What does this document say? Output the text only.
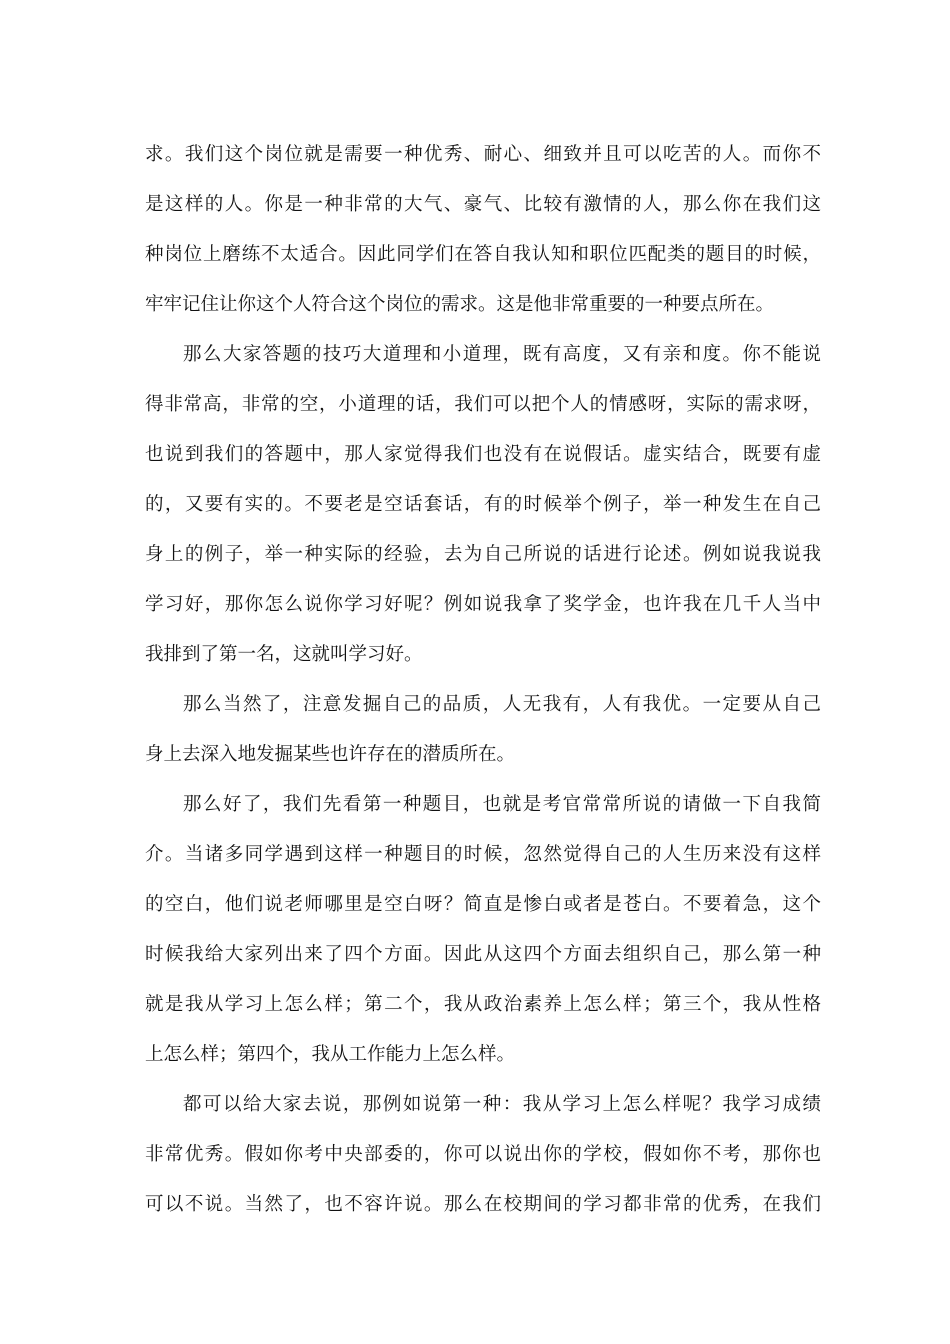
求。我们这个岗位就是需要一种优秀、耐心、细致并且可以吃苦的人。而你不
是这样的人。你是一种非常的大气、豪气、比较有激情的人，那么你在我们这
种岗位上磨练不太适合。因此同学们在答自我认知和职位匹配类的题目的时候，
牢牢记住让你这个人符合这个岗位的需求。这是他非常重要的一种要点所在。
那么大家答题的技巧大道理和小道理，既有高度，又有亲和度。你不能说
得非常高，非常的空，小道理的话，我们可以把个人的情感呀，实际的需求呀，
也说到我们的答题中，那人家觉得我们也没有在说假话。虚实结合，既要有虚
的，又要有实的。不要老是空话套话，有的时候举个例子，举一种发生在自己
身上的例子，举一种实际的经验，去为自己所说的话进行论述。例如说我说我
学习好，那你怎么说你学习好呢？例如说我拿了奖学金，也许我在几千人当中
我排到了第一名，这就叫学习好。
那么当然了，注意发掘自己的品质，人无我有，人有我优。一定要从自己
身上去深入地发掘某些也许存在的潜质所在。
那么好了，我们先看第一种题目，也就是考官常常所说的请做一下自我简
介。当诸多同学遇到这样一种题目的时候，忽然觉得自己的人生历来没有这样
的空白，他们说老师哪里是空白呀？简直是惨白或者是苍白。不要着急，这个
时候我给大家列出来了四个方面。因此从这四个方面去组织自己，那么第一种
就是我从学习上怎么样；第二个，我从政治素养上怎么样；第三个，我从性格
上怎么样；第四个，我从工作能力上怎么样。
都可以给大家去说，那例如说第一种：我从学习上怎么样呢？我学习成绩
非常优秀。假如你考中央部委的，你可以说出你的学校，假如你不考，那你也
可以不说。当然了，也不容许说。那么在校期间的学习都非常的优秀，在我们
